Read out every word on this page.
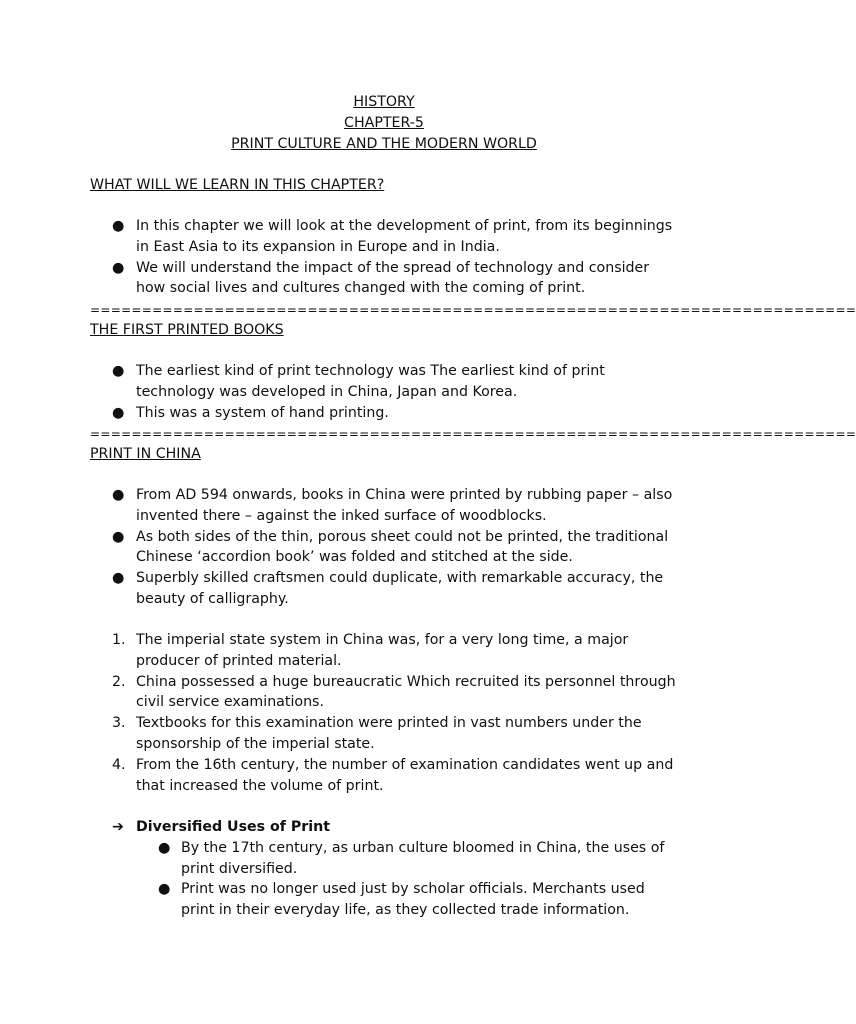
HISTORY
CHAPTER-5
PRINT CULTURE AND THE MODERN WORLD
WHAT WILL WE LEARN IN THIS CHAPTER?
● In this chapter we will look at the development of print, from its beginnings in East Asia to its expansion in Europe and in India.
● We will understand the impact of the spread of technology and consider how social lives and cultures changed with the coming of print.
==========================================================================
THE FIRST PRINTED BOOKS
● The earliest kind of print technology was The earliest kind of print technology was developed in China, Japan and Korea.
● This was a system of hand printing.
==========================================================================
PRINT IN CHINA
● From AD 594 onwards, books in China were printed by rubbing paper – also invented there – against the inked surface of woodblocks.
● As both sides of the thin, porous sheet could not be printed, the traditional Chinese ‘accordion book’ was folded and stitched at the side.
● Superbly skilled craftsmen could duplicate, with remarkable accuracy, the beauty of calligraphy.
1. The imperial state system in China was, for a very long time, a major producer of printed material.
2. China possessed a huge bureaucratic Which recruited its personnel through civil service examinations.
3. Textbooks for this examination were printed in vast numbers under the sponsorship of the imperial state.
4. From the 16th century, the number of examination candidates went up and that increased the volume of print.
➔ Diversified Uses of Print
● By the 17th century, as urban culture bloomed in China, the uses of print diversified.
● Print was no longer used just by scholar officials. Merchants used print in their everyday life, as they collected trade information.
